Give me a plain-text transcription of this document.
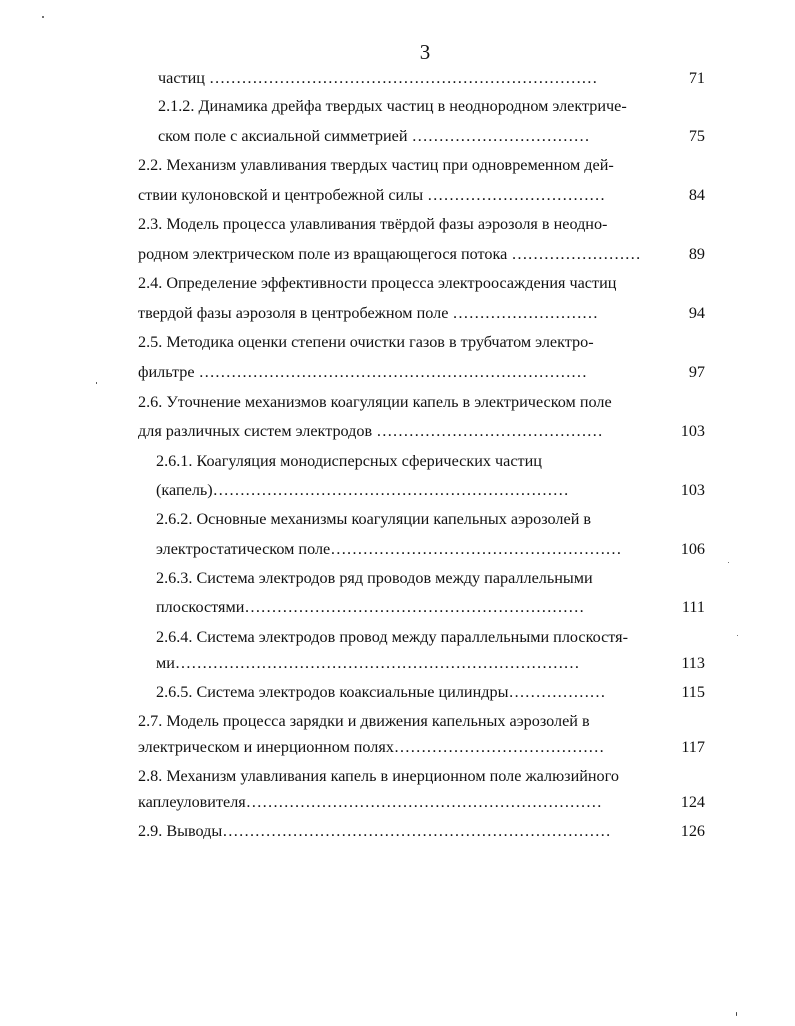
3
частиц ………………………………………………………………	71
2.1.2. Динамика дрейфа твердых частиц в неоднородном электриче-
ском поле с аксиальной симметрией ……………………………	75
2.2. Механизм улавливания твердых частиц при одновременном дей-
ствии кулоновской и центробежной силы ……………………………	84
2.3. Модель процесса улавливания твёрдой фазы аэрозоля в неодно-
родном электрическом поле из вращающегося потока ……………………	89
2.4. Определение эффективности процесса электроосаждения частиц
твердой фазы аэрозоля в центробежном поле ………………………	94
2.5. Методика оценки степени очистки газов в трубчатом электро-
фильтре ………………………………………………………………	97
2.6. Уточнение механизмов коагуляции капель в электрическом поле
для различных систем электродов ……………………………………	103
2.6.1. Коагуляция монодисперсных сферических частиц
(капель)…………………………………………………………	103
2.6.2. Основные механизмы коагуляции капельных аэрозолей в
электростатическом поле………………………………………………	106
2.6.3. Система электродов ряд проводов между параллельными
плоскостями………………………………………………………	111
2.6.4. Система электродов провод между параллельными плоскостя-
ми…………………………………………………………………	113
2.6.5. Система электродов коаксиальные цилиндры………………	115
2.7. Модель процесса зарядки и движения капельных аэрозолей в
электрическом и инерционном полях…………………………………	117
2.8. Механизм улавливания капель в инерционном поле жалюзийного
каплеуловителя…………………………………………………………	124
2.9. Выводы………………………………………………………………	126
